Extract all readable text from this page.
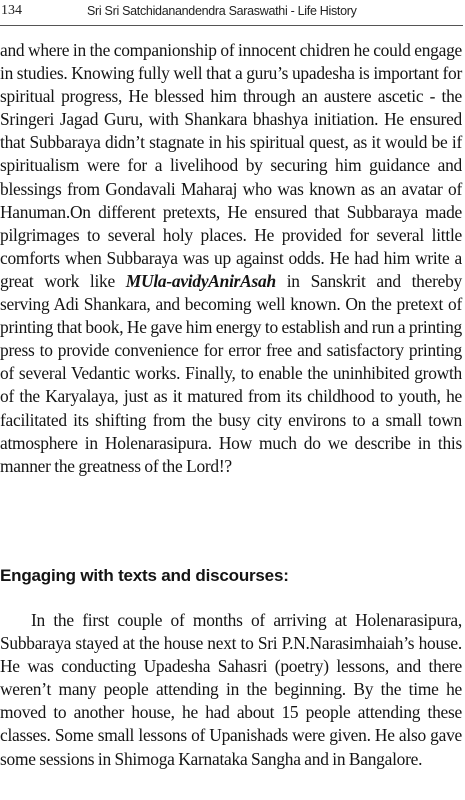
134	Sri Sri Satchidanandendra Saraswathi - Life History

and where in the companionship of innocent chidren he could engage in studies. Knowing fully well that a guru’s upadesha is important for spiritual progress, He blessed him through an austere ascetic - the Sringeri Jagad Guru, with Shankara bhashya initiation. He ensured that Subbaraya didn’t stagnate in his spiritual quest, as it would be if spiritualism were for a livelihood by securing him guidance and blessings from Gondavali Maharaj who was known as an avatar of Hanuman.On different pretexts, He ensured that Subbaraya made pilgrimages to several holy places. He provided for several little comforts when Subbaraya was up against odds. He had him write a great work like MUla-avidyAnirAsah in Sanskrit and thereby serving Adi Shankara, and becoming well known. On the pretext of printing that book, He gave him energy to establish and run a printing press to provide convenience for error free and satisfactory printing of several Vedantic works. Finally, to enable the uninhibited growth of the Karyalaya, just as it matured from its childhood to youth, he facilitated its shifting from the busy city environs to a small town atmosphere in Holenarasipura. How much do we describe in this manner the greatness of the Lord!?

Engaging with texts and discourses:

In the first couple of months of arriving at Holenarasipura, Subbaraya stayed at the house next to Sri P.N.Narasimhaiah’s house. He was conducting Upadesha Sahasri (poetry) lessons, and there weren’t many people attending in the beginning. By the time he moved to another house, he had about 15 people attending these classes. Some small lessons of Upanishads were given. He also gave some sessions in Shimoga Karnataka Sangha and in Bangalore.
